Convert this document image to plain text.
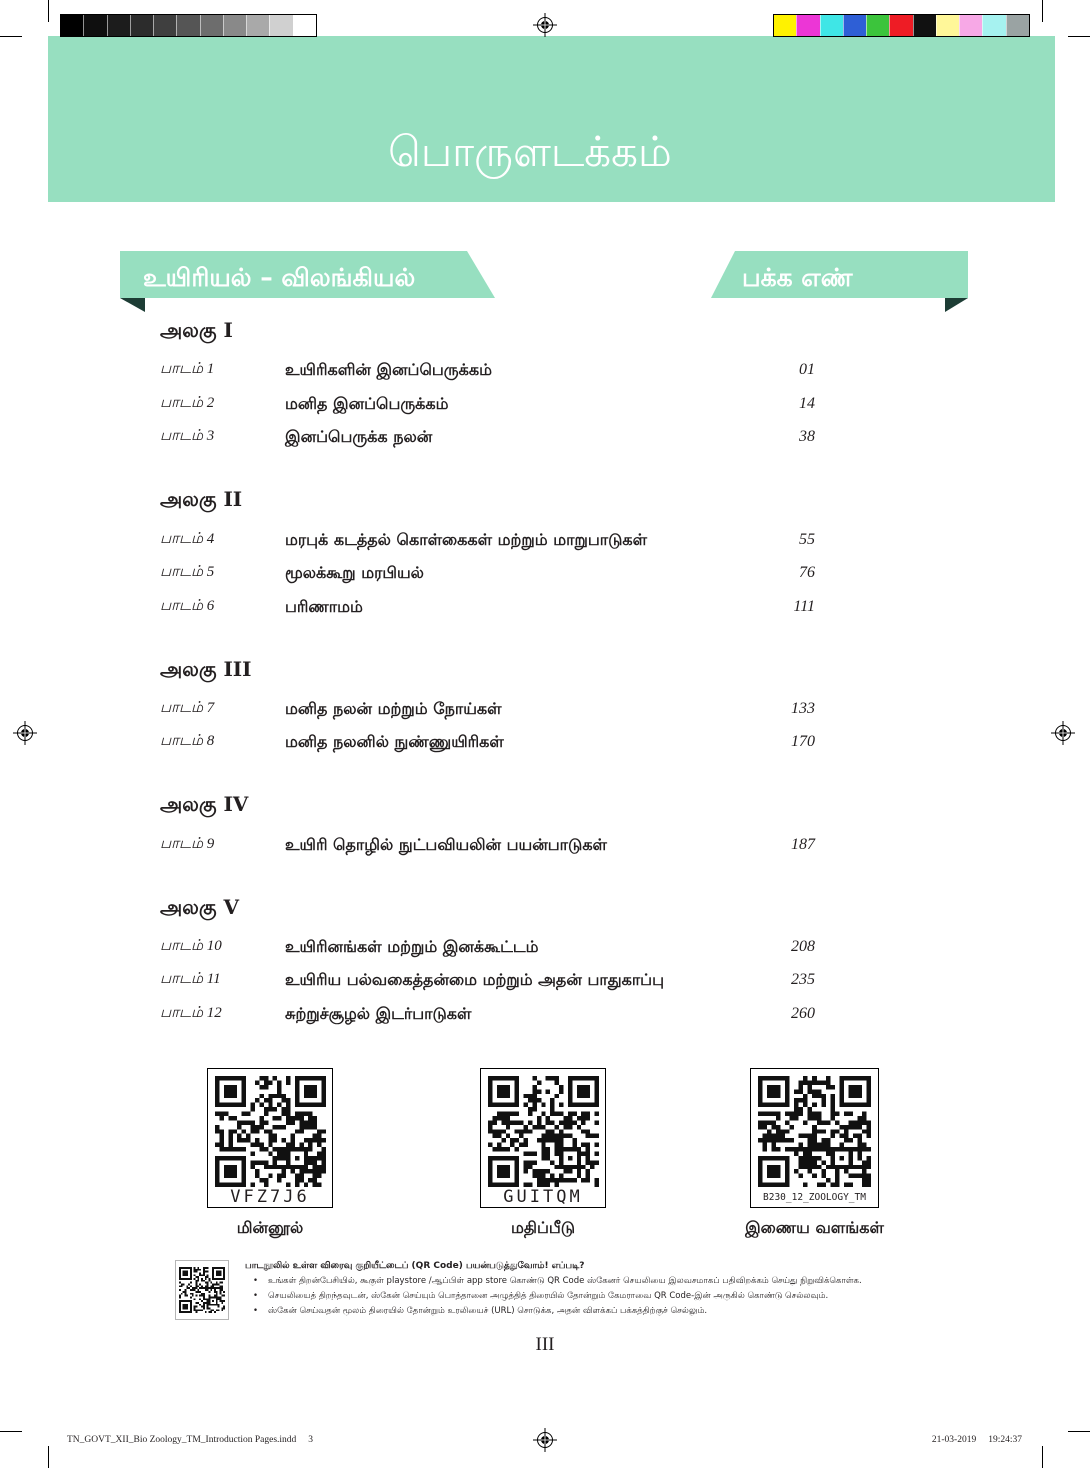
பொருளடக்கம்
உயிரியல் – விலங்கியல்	பக்க எண்
அலகு I
பாடம் 1	உயிரிகளின் இனப்பெருக்கம்	01
பாடம் 2	மனித இனப்பெருக்கம்	14
பாடம் 3	இனப்பெருக்க நலன்	38
அலகு II
பாடம் 4	மரபுக் கடத்தல் கொள்கைகள் மற்றும் மாறுபாடுகள்	55
பாடம் 5	மூலக்கூறு மரபியல்	76
பாடம் 6	பரிணாமம்	111
அலகு III
பாடம் 7	மனித நலன் மற்றும் நோய்கள்	133
பாடம் 8	மனித நலனில் நுண்ணுயிரிகள்	170
அலகு IV
பாடம் 9	உயிரி தொழில் நுட்பவியலின் பயன்பாடுகள்	187
அலகு V
பாடம் 10	உயிரினங்கள் மற்றும் இனக்கூட்டம்	208
பாடம் 11	உயிரிய பல்வகைத்தன்மை மற்றும் அதன் பாதுகாப்பு	235
பாடம் 12	சுற்றுச்சூழல் இடர்பாடுகள்	260
VFZ7J6
மின்னூல்
GUITQM
மதிப்பீடு
B230_12_ZOOLOGY_TM
இணைய வளங்கள்
பாடநூலில் உள்ள விரைவு குறியீட்டைப் (QR Code) பயன்படுத்துவோம்! எப்படி?
• உங்கள் திறன்பேசியில், கூகுள் playstore /ஆப்பிள் app store கொண்டு QR Code ஸ்கேனர் செயலியை இலவசமாகப் பதிவிறக்கம் செய்து நிறுவிக்கொள்க.
• செயலியைத் திறந்தவுடன், ஸ்கேன் செய்யும் பொத்தானை அழுத்தித் திரையில் தோன்றும் கேமராவை QR Code-இன் அருகில் கொண்டு செல்லவும்.
• ஸ்கேன் செய்வதன் மூலம் திரையில் தோன்றும் உரலியைச் (URL) சொடுக்க, அதன் விளக்கப் பக்கத்திற்குச் செல்லும்.
III
TN_GOVT_XII_Bio Zoology_TM_Introduction Pages.indd 3	21-03-2019 19:24:37
